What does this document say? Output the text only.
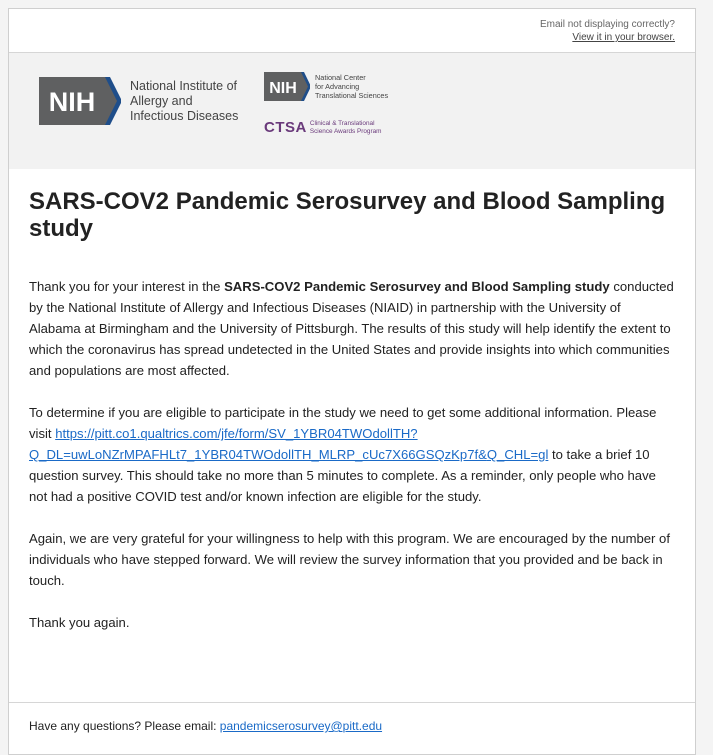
Email not displaying correctly?
View it in your browser.
NIH
National Institute of
Allergy and
Infectious Diseases
NIH
National Center
for Advancing
Translational Sciences
CTSA Clinical & Translational
Science Awards Program
SARS-COV2 Pandemic Serosurvey and Blood Sampling study

Thank you for your interest in the SARS-COV2 Pandemic Serosurvey and Blood Sampling study conducted by the National Institute of Allergy and Infectious Diseases (NIAID) in partnership with the University of Alabama at Birmingham and the University of Pittsburgh. The results of this study will help identify the extent to which the coronavirus has spread undetected in the United States and provide insights into which communities and populations are most affected.

To determine if you are eligible to participate in the study we need to get some additional information. Please visit https://pitt.co1.qualtrics.com/jfe/form/SV_1YBR04TWOdollTH?Q_DL=uwLoNZrMPAFHLt7_1YBR04TWOdollTH_MLRP_cUc7X66GSQzKp7f&Q_CHL=gl to take a brief 10 question survey. This should take no more than 5 minutes to complete. As a reminder, only people who have not had a positive COVID test and/or known infection are eligible for the study.

Again, we are very grateful for your willingness to help with this program. We are encouraged by the number of individuals who have stepped forward. We will review the survey information that you provided and be back in touch.

Thank you again.

Have any questions? Please email: pandemicserosurvey@pitt.edu
